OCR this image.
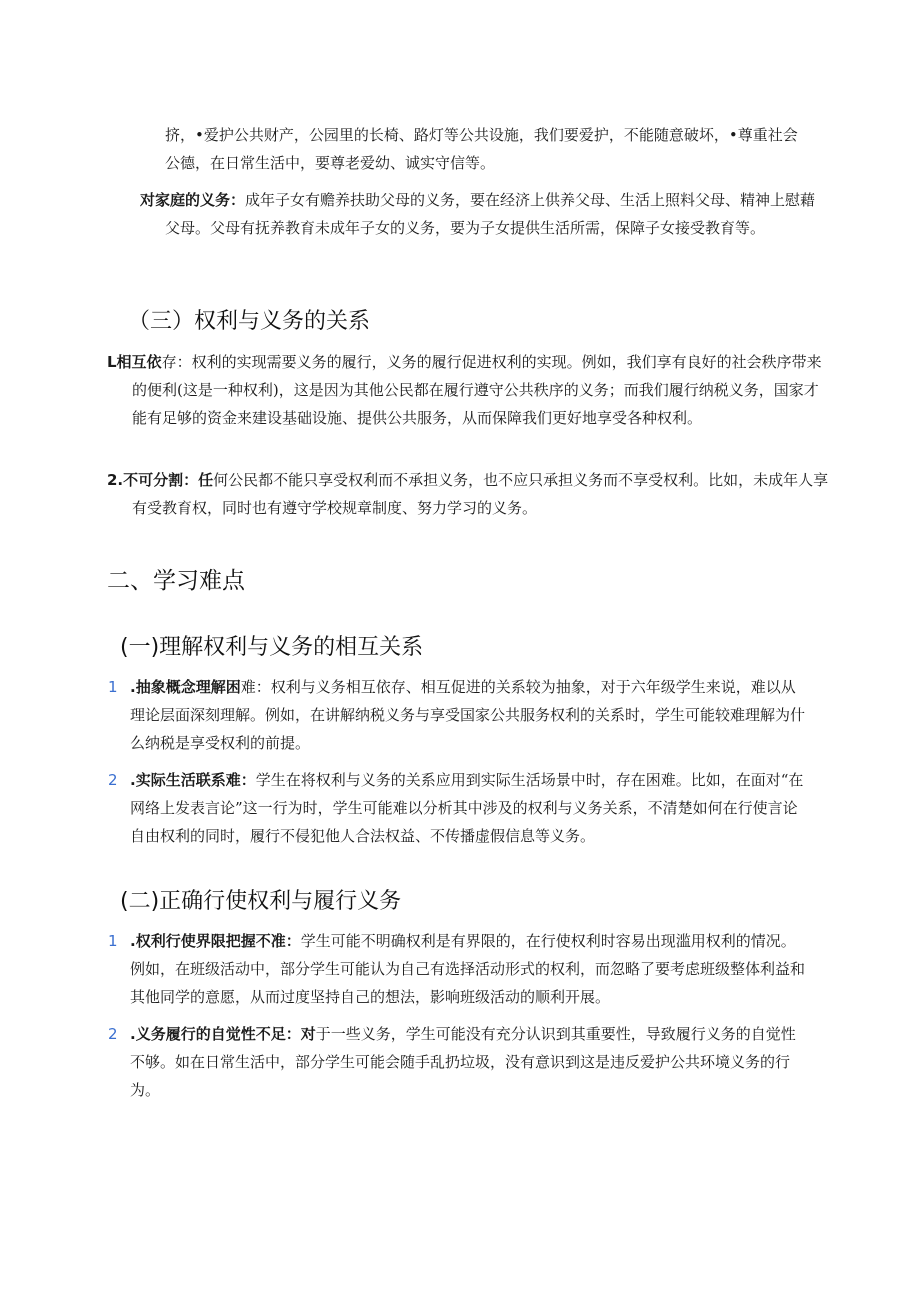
挤，•爱护公共财产，公园里的长椅、路灯等公共设施，我们要爱护，不能随意破坏，•尊重社会
公德，在日常生活中，要尊老爱幼、诚实守信等。
对家庭的义务：成年子女有赡养扶助父母的义务，要在经济上供养父母、生活上照料父母、精神上慰藉父母。父母有抚养教育未成年子女的义务，要为子女提供生活所需，保障子女接受教育等。
（三）权利与义务的关系
L相互依存：权利的实现需要义务的履行，义务的履行促进权利的实现。例如，我们享有良好的社会秩序带来的便利(这是一种权利)，这是因为其他公民都在履行遵守公共秩序的义务；而我们履行纳税义务，国家才能有足够的资金来建设基础设施、提供公共服务，从而保障我们更好地享受各种权利。
2.不可分割：任何公民都不能只享受权利而不承担义务，也不应只承担义务而不享受权利。比如，未成年人享有受教育权，同时也有遵守学校规章制度、努力学习的义务。
二、学习难点
(一)理解权利与义务的相互关系
1 .抽象概念理解困难：权利与义务相互依存、相互促进的关系较为抽象，对于六年级学生来说，难以从理论层面深刻理解。例如，在讲解纳税义务与享受国家公共服务权利的关系时，学生可能较难理解为什么纳税是享受权利的前提。
2 .实际生活联系难：学生在将权利与义务的关系应用到实际生活场景中时，存在困难。比如，在面对“在网络上发表言论”这一行为时，学生可能难以分析其中涉及的权利与义务关系，不清楚如何在行使言论自由权利的同时，履行不侵犯他人合法权益、不传播虚假信息等义务。
(二)正确行使权利与履行义务
1 .权利行使界限把握不准：学生可能不明确权利是有界限的，在行使权利时容易出现滥用权利的情况。例如，在班级活动中，部分学生可能认为自己有选择活动形式的权利，而忽略了要考虑班级整体利益和其他同学的意愿，从而过度坚持自己的想法，影响班级活动的顺利开展。
2 .义务履行的自觉性不足：对于一些义务，学生可能没有充分认识到其重要性，导致履行义务的自觉性不够。如在日常生活中，部分学生可能会随手乱扔垃圾，没有意识到这是违反爱护公共环境义务的行为。
